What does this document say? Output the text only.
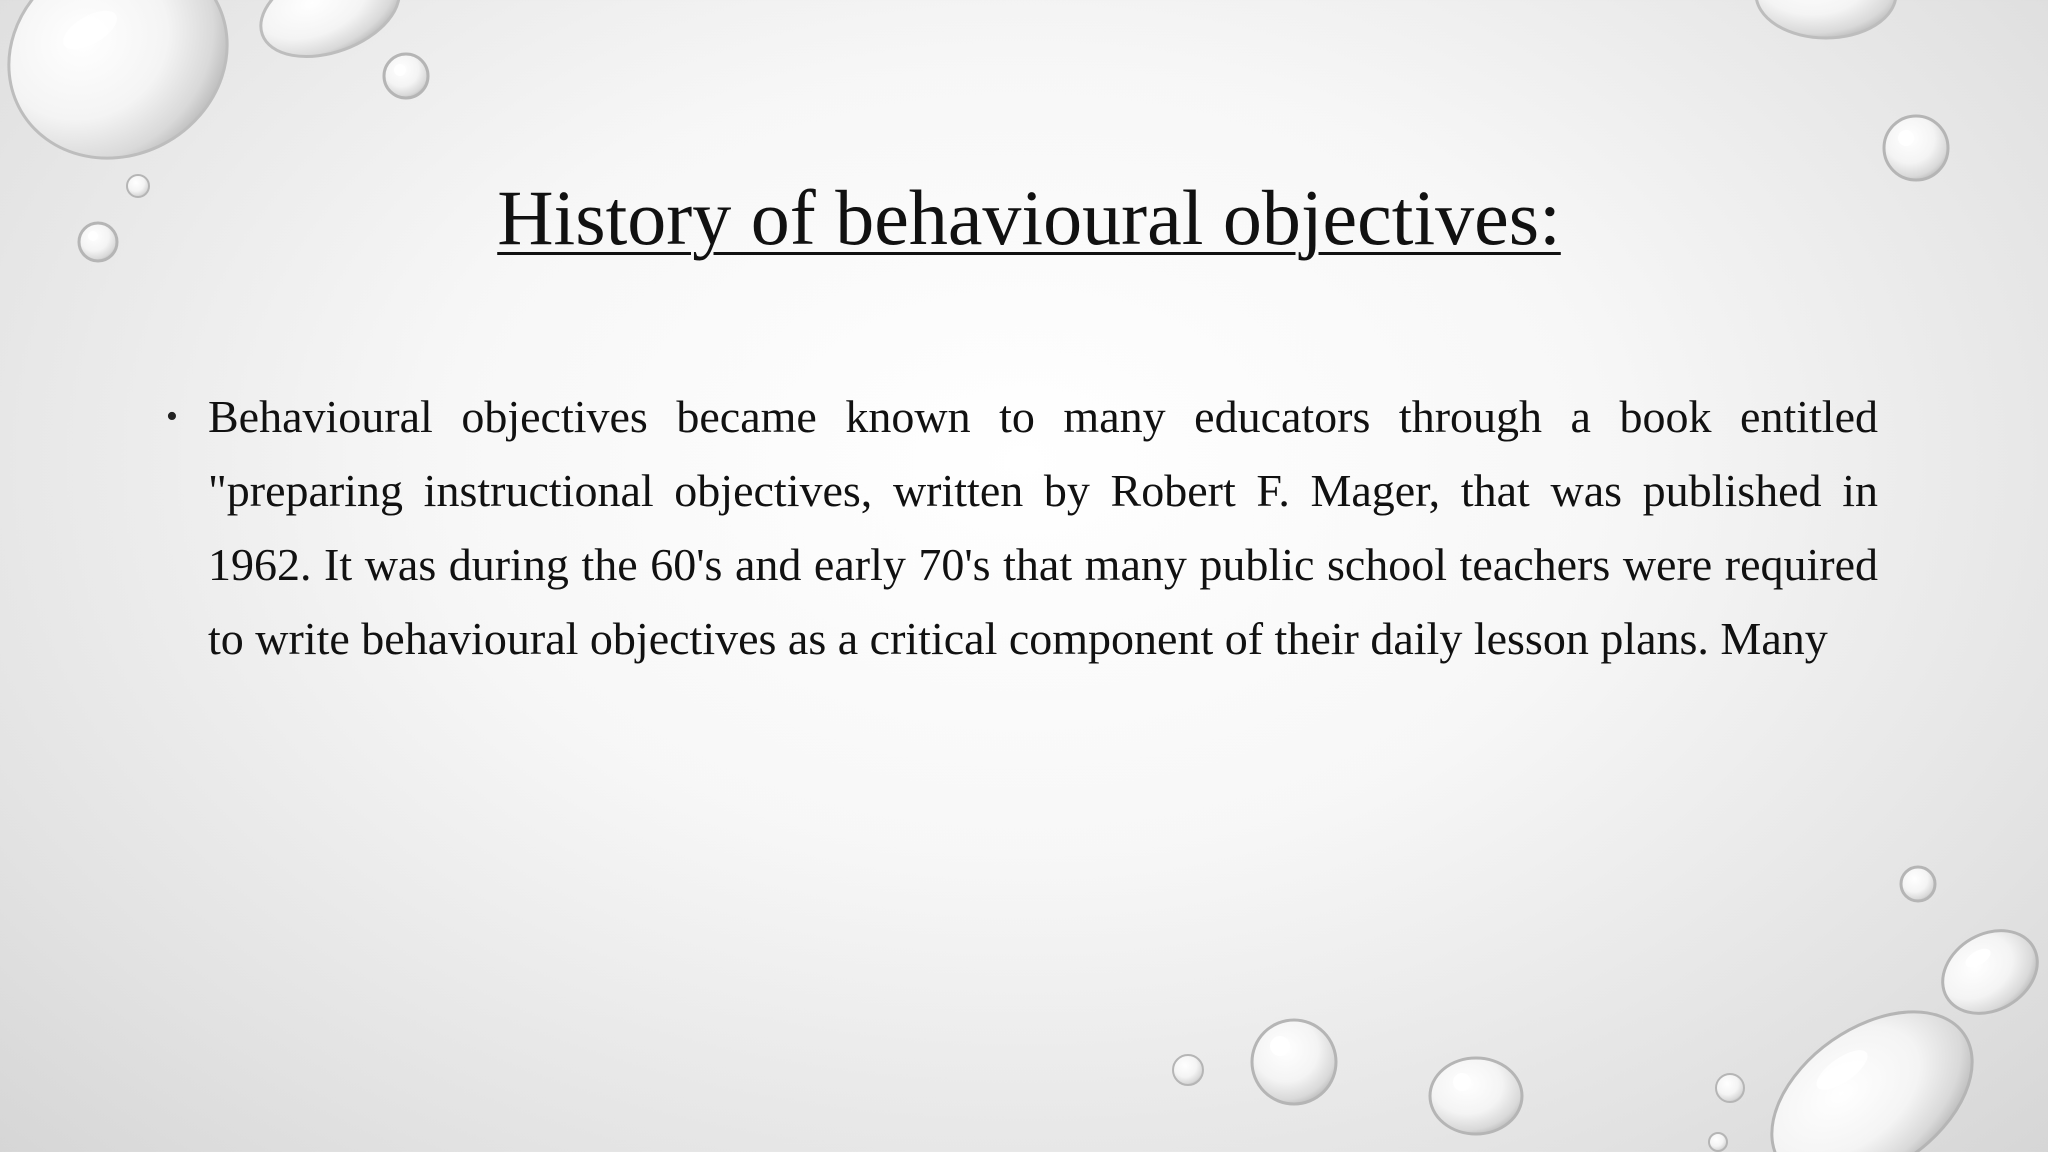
History of behavioural objectives:
• Behavioural objectives became known to many educators through a book entitled "preparing instructional objectives, written by Robert F. Mager, that was published in 1962. It was during the 60's and early 70's that many public school teachers were required to write behavioural objectives as a critical component of their daily lesson plans. Many
